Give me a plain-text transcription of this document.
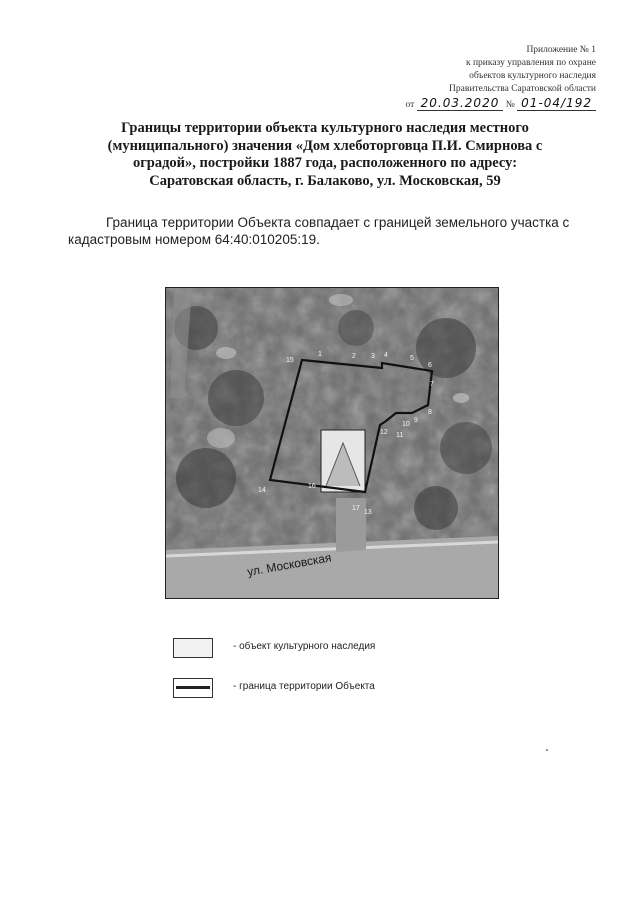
Приложение № 1
к приказу управления по охране
объектов культурного наследия
Правительства Саратовской области
от 20.03.2020 № 01-04/192
Границы территории объекта культурного наследия местного
(муниципального) значения «Дом хлеботорговца П.И. Смирнова с
оградой», постройки 1887 года, расположенного по адресу:
Саратовская область, г. Балаково, ул. Московская, 59
Граница территории Объекта совпадает с границей земельного участка с кадастровым номером 64:40:010205:19.
1	2 3 4	5
6
7
8
9
10
11
12
13
14
15
16
17
ул. Московская
- объект культурного наследия
- граница территории Объекта
